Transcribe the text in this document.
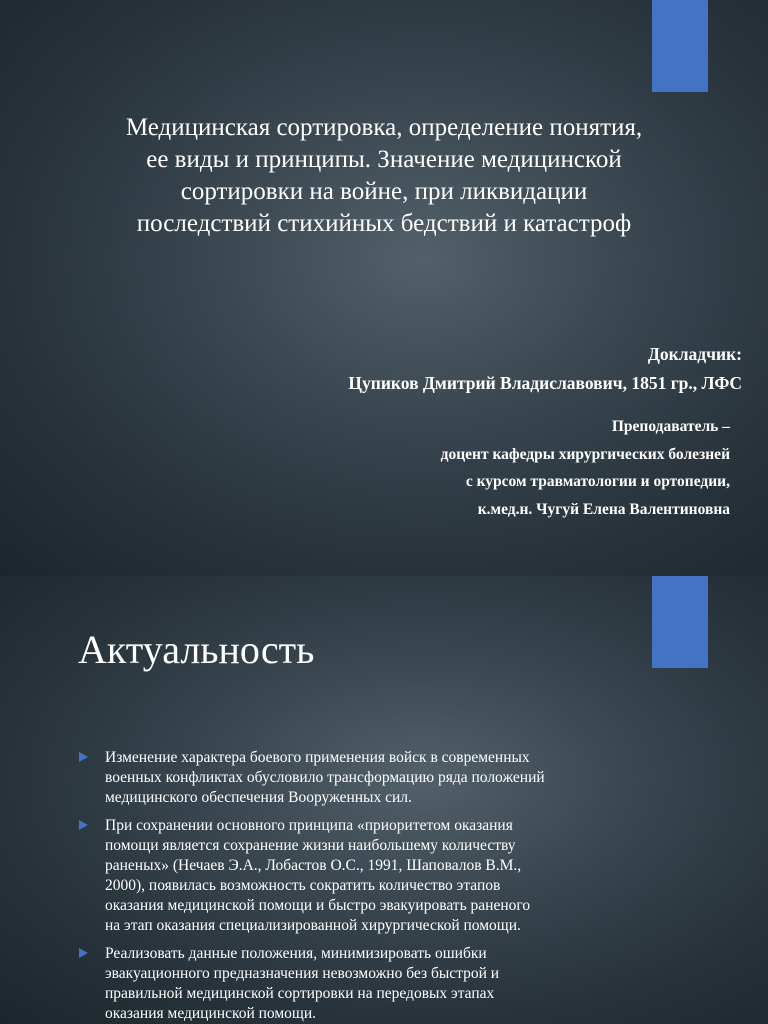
Медицинская сортировка, определение понятия,
ее виды и принципы. Значение медицинской
сортировки на войне, при ликвидации
последствий стихийных бедствий и катастроф
Докладчик:
Цупиков Дмитрий Владиславович, 1851 гр., ЛФС
Преподаватель –
доцент кафедры хирургических болезней
с курсом травматологии и ортопедии,
к.мед.н. Чугуй Елена Валентиновна
Актуальность
Изменение характера боевого применения войск в современных
военных конфликтах обусловило трансформацию ряда положений
медицинского обеспечения Вооруженных сил.
При сохранении основного принципа «приоритетом оказания
помощи является сохранение жизни наибольшему количеству
раненых» (Нечаев Э.А., Лобастов О.С., 1991, Шаповалов В.М.,
2000), появилась возможность сократить количество этапов
оказания медицинской помощи и быстро эвакуировать раненого
на этап оказания специализированной хирургической помощи.
Реализовать данные положения, минимизировать ошибки
эвакуационного предназначения невозможно без быстрой и
правильной медицинской сортировки на передовых этапах
оказания медицинской помощи.
